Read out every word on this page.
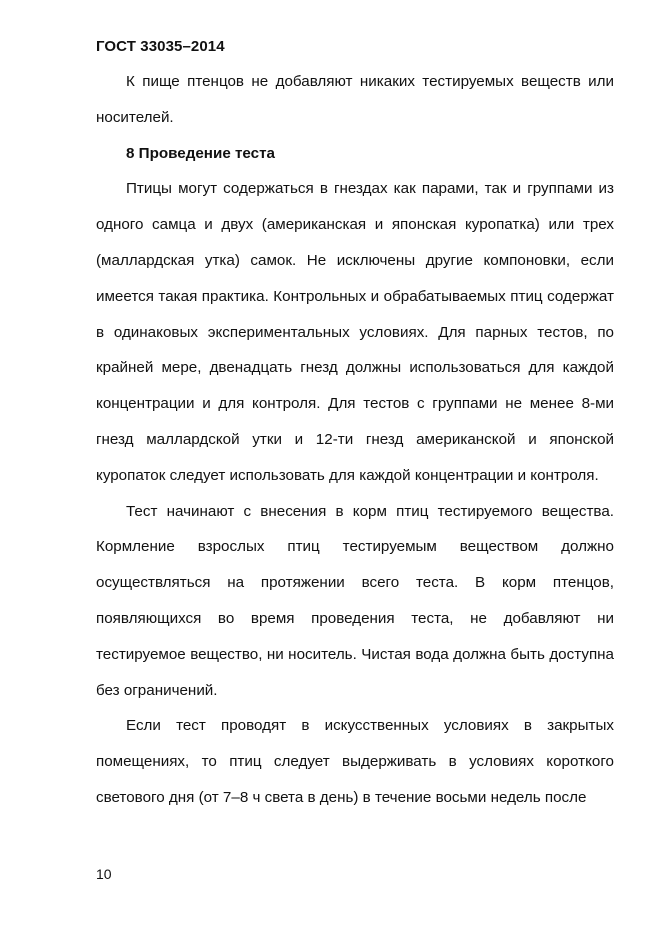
ГОСТ 33035–2014

К пище птенцов не добавляют никаких тестируемых веществ или носителей.

8 Проведение теста

Птицы могут содержаться в гнездах как парами, так и группами из одного самца и двух (американская и японская куропатка) или трех (маллардская утка) самок. Не исключены другие компоновки, если имеется такая практика. Контрольных и обрабатываемых птиц содержат в одинаковых экспериментальных условиях. Для парных тестов, по крайней мере, двенадцать гнезд должны использоваться для каждой концентрации и для контроля. Для тестов с группами не менее 8-ми гнезд маллардской утки и 12-ти гнезд американской и японской куропаток следует использовать для каждой концентрации и контроля.

Тест начинают с внесения в корм птиц тестируемого вещества. Кормление взрослых птиц тестируемым веществом должно осуществляться на протяжении всего теста. В корм птенцов, появляющихся во время проведения теста, не добавляют ни тестируемое вещество, ни носитель. Чистая вода должна быть доступна без ограничений.

Если тест проводят в искусственных условиях в закрытых помещениях, то птиц следует выдерживать в условиях короткого светового дня (от 7–8 ч света в день) в течение восьми недель после

10
